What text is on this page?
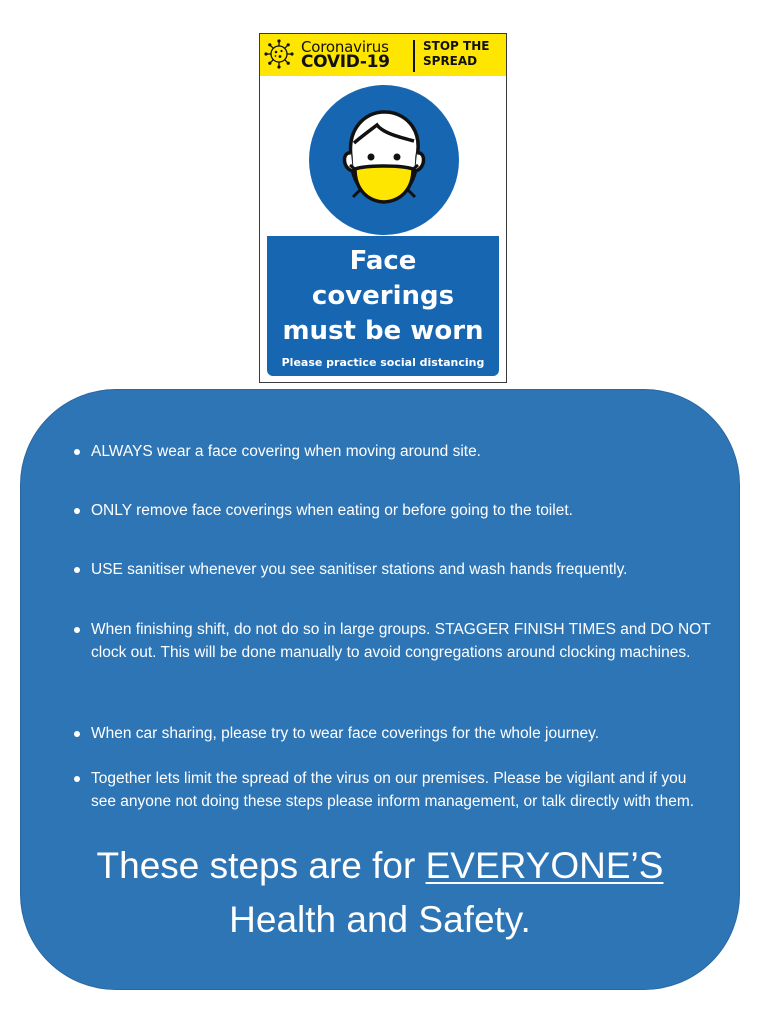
Coronavirus
COVID-19
STOP THE
SPREAD
Face
coverings
must be worn
Please practice social distancing
ALWAYS wear a face covering when moving around site.
ONLY remove face coverings when eating or before going to the toilet.
USE sanitiser whenever you see sanitiser stations and wash hands frequently.
When finishing shift, do not do so in large groups. STAGGER FINISH TIMES and DO NOT clock out. This will be done manually to avoid congregations around clocking machines.
When car sharing, please try to wear face coverings for the whole journey.
Together lets limit the spread of the virus on our premises. Please be vigilant and if you see anyone not doing these steps please inform management, or talk directly with them.
These steps are for EVERYONE’S
Health and Safety.
